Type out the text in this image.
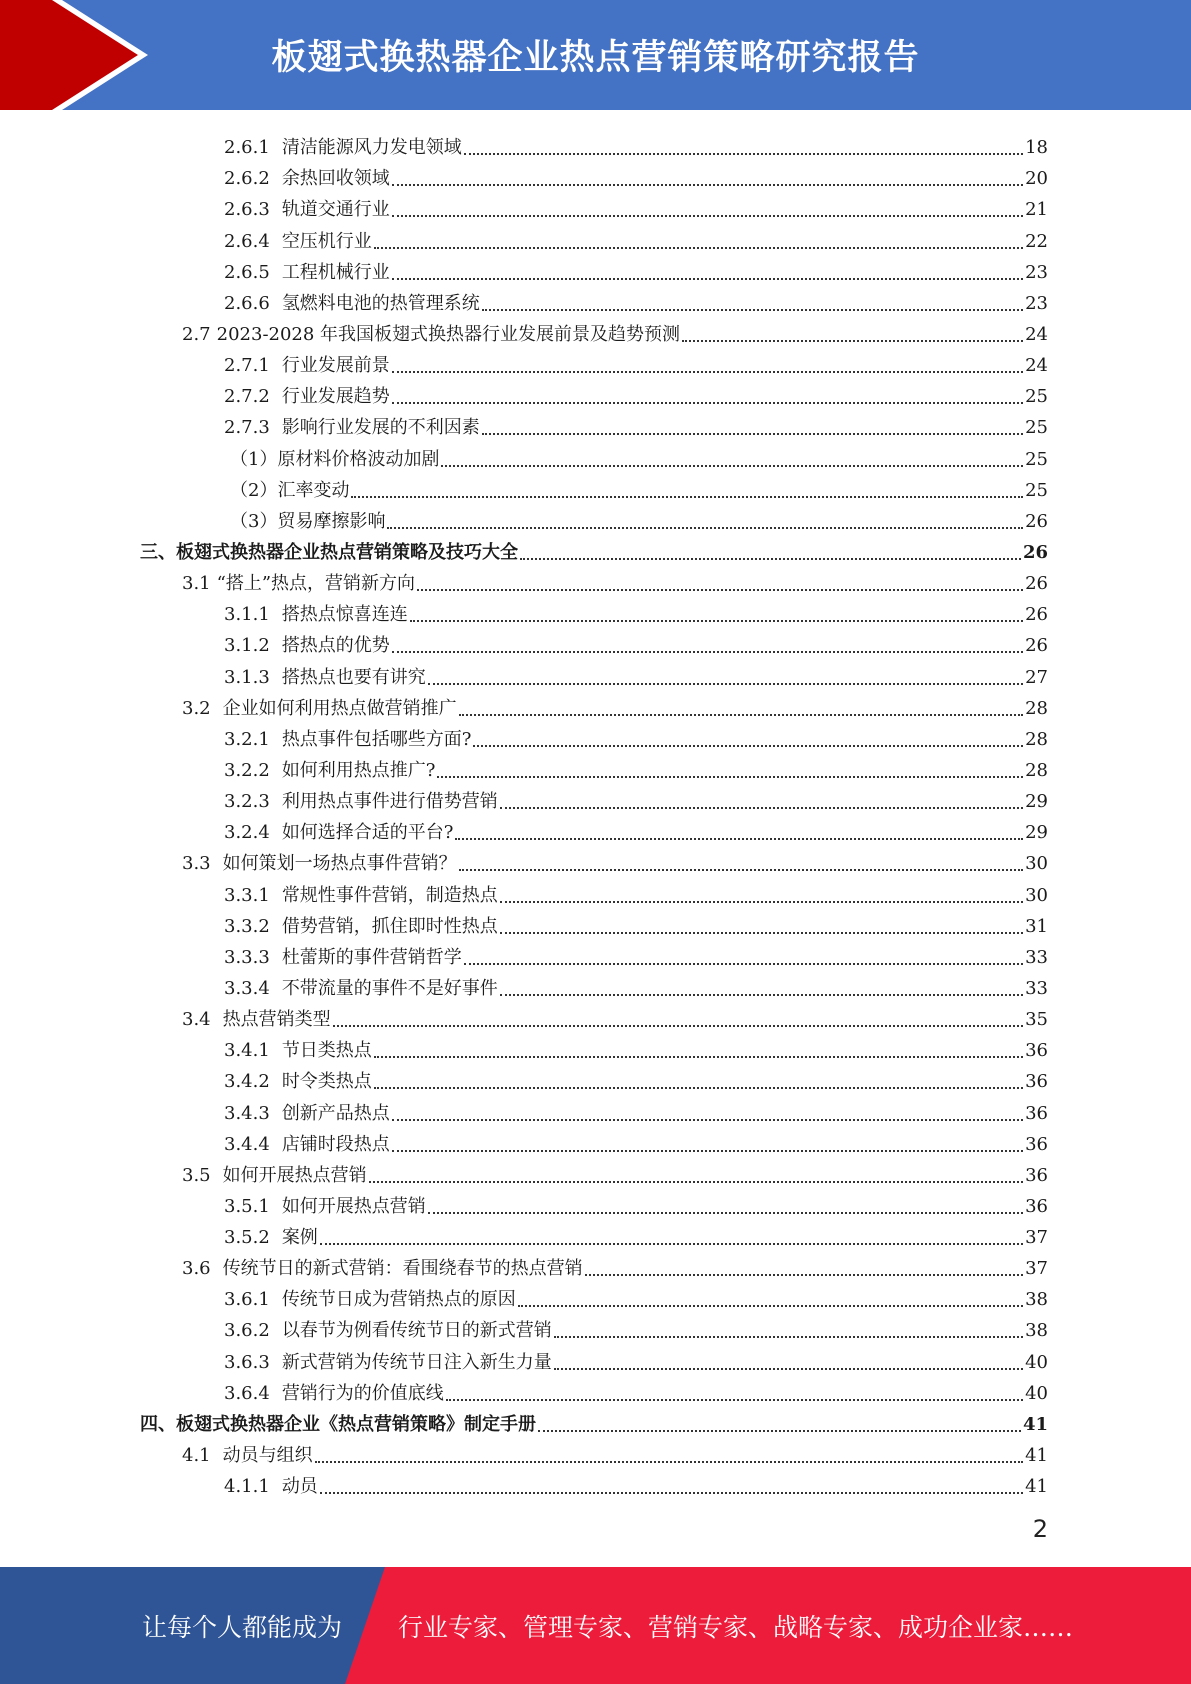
板翅式换热器企业热点营销策略研究报告
2.6.1 清洁能源风力发电领域	18
2.6.2 余热回收领域	20
2.6.3 轨道交通行业	21
2.6.4 空压机行业	22
2.6.5 工程机械行业	23
2.6.6 氢燃料电池的热管理系统	23
2.7 2023-2028 年我国板翅式换热器行业发展前景及趋势预测	24
2.7.1 行业发展前景	24
2.7.2 行业发展趋势	25
2.7.3 影响行业发展的不利因素	25
（1）原材料价格波动加剧	25
（2）汇率变动	25
（3）贸易摩擦影响	26
三、板翅式换热器企业热点营销策略及技巧大全	26
3.1 “搭上”热点，营销新方向	26
3.1.1 搭热点惊喜连连	26
3.1.2 搭热点的优势	26
3.1.3 搭热点也要有讲究	27
3.2 企业如何利用热点做营销推广	28
3.2.1 热点事件包括哪些方面?	28
3.2.2 如何利用热点推广?	28
3.2.3 利用热点事件进行借势营销	29
3.2.4 如何选择合适的平台?	29
3.3 如何策划一场热点事件营销？	30
3.3.1 常规性事件营销，制造热点	30
3.3.2 借势营销，抓住即时性热点	31
3.3.3 杜蕾斯的事件营销哲学	33
3.3.4 不带流量的事件不是好事件	33
3.4 热点营销类型	35
3.4.1 节日类热点	36
3.4.2 时令类热点	36
3.4.3 创新产品热点	36
3.4.4 店铺时段热点	36
3.5 如何开展热点营销	36
3.5.1 如何开展热点营销	36
3.5.2 案例	37
3.6 传统节日的新式营销：看围绕春节的热点营销	37
3.6.1 传统节日成为营销热点的原因	38
3.6.2 以春节为例看传统节日的新式营销	38
3.6.3 新式营销为传统节日注入新生力量	40
3.6.4 营销行为的价值底线	40
四、板翅式换热器企业《热点营销策略》制定手册	41
4.1 动员与组织	41
4.1.1 动员	41
2
让每个人都能成为 行业专家、管理专家、营销专家、战略专家、成功企业家……
